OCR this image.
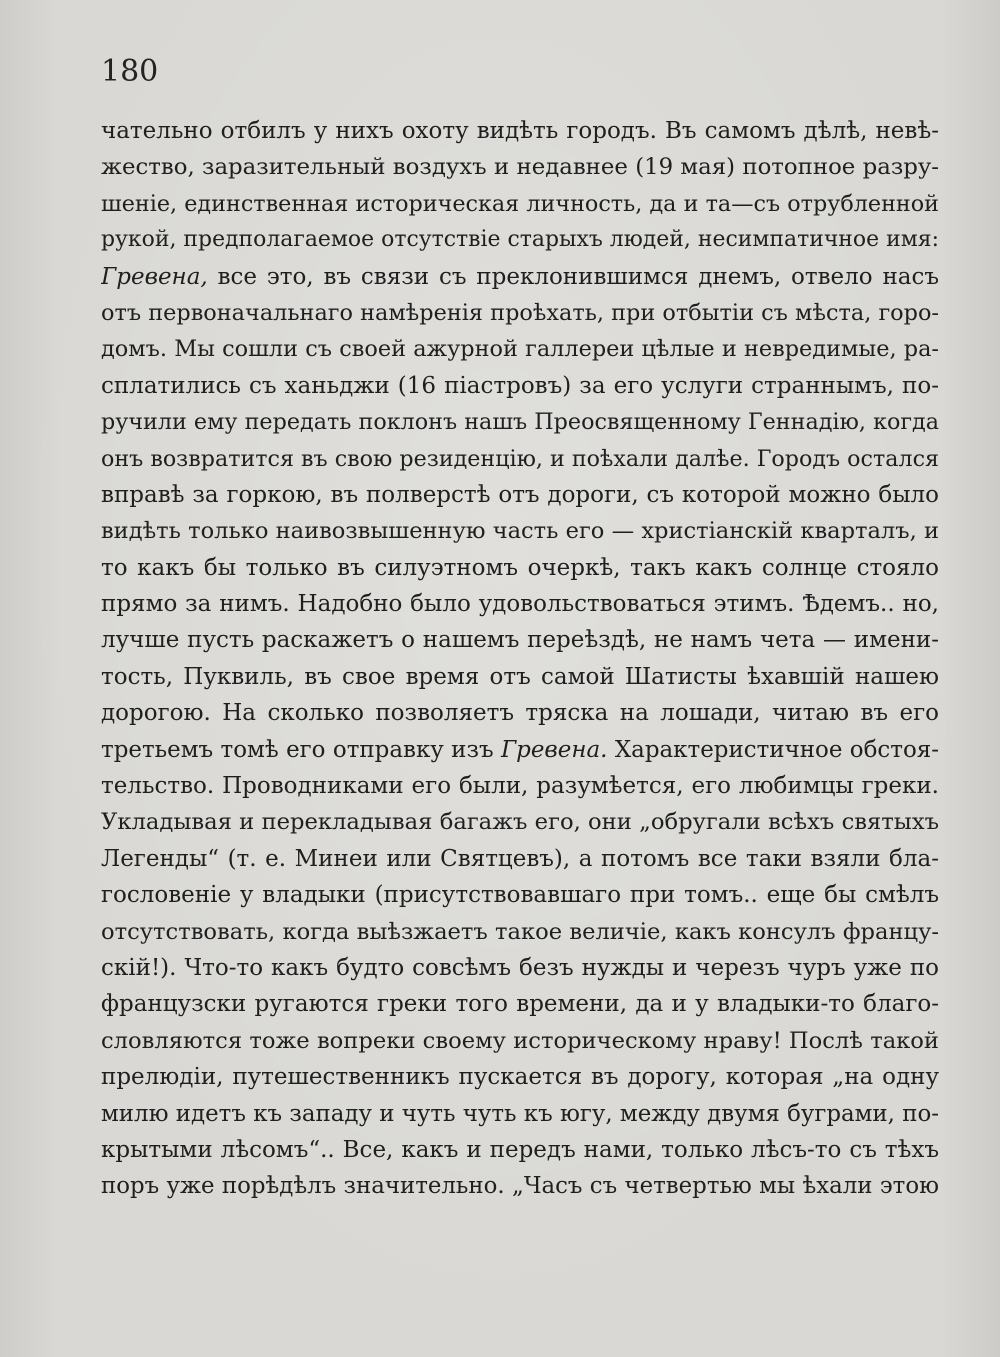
180
чательно отбилъ у нихъ охоту видѣть городъ. Въ самомъ дѣлѣ, невѣ-
жество, заразительный воздухъ и недавнее (19 мая) потопное разру-
шеніе, единственная историческая личность, да и та—съ отрубленной
рукой, предполагаемое отсутствіе старыхъ людей, несимпатичное имя:
Гревена, все это, въ связи съ преклонившимся днемъ, отвело насъ
отъ первоначальнаго намѣренія проѣхать, при отбытіи съ мѣста, горо-
домъ. Мы сошли съ своей ажурной галлереи цѣлые и невредимые, ра-
сплатились съ ханьджи (16 піастровъ) за его услуги страннымъ, по-
ручили ему передать поклонъ нашъ Преосвященному Геннадію, когда
онъ возвратится въ свою резиденцію, и поѣхали далѣе. Городъ остался
вправѣ за горкою, въ полверстѣ отъ дороги, съ которой можно было
видѣть только наивозвышенную часть его — христіанскій кварталъ, и
то какъ бы только въ силуэтномъ очеркѣ, такъ какъ солнце стояло
прямо за нимъ. Надобно было удовольствоваться этимъ. Ѣдемъ.. но,
лучше пусть раскажетъ о нашемъ переѣздѣ, не намъ чета — имени-
тость, Пуквиль, въ свое время отъ самой Шатисты ѣхавшій нашею
дорогою. На сколько позволяетъ тряска на лошади, читаю въ его
третьемъ томѣ его отправку изъ Гревена. Характеристичное обстоя-
тельство. Проводниками его были, разумѣется, его любимцы греки.
Укладывая и перекладывая багажъ его, они „обругали всѣхъ святыхъ
Легенды“ (т. е. Минеи или Святцевъ), а потомъ все таки взяли бла-
гословеніе у владыки (присутствовавшаго при томъ.. еще бы смѣлъ
отсутствовать, когда выѣзжаетъ такое величіе, какъ консулъ францу-
скій!). Что-то какъ будто совсѣмъ безъ нужды и черезъ чуръ уже по
французски ругаются греки того времени, да и у владыки-то благо-
словляются тоже вопреки своему историческому нраву! Послѣ такой
прелюдіи, путешественникъ пускается въ дорогу, которая „на одну
милю идетъ къ западу и чуть чуть къ югу, между двумя буграми, по-
крытыми лѣсомъ“.. Все, какъ и передъ нами, только лѣсъ-то съ тѣхъ
поръ уже порѣдѣлъ значительно. „Часъ съ четвертью мы ѣхали этою
